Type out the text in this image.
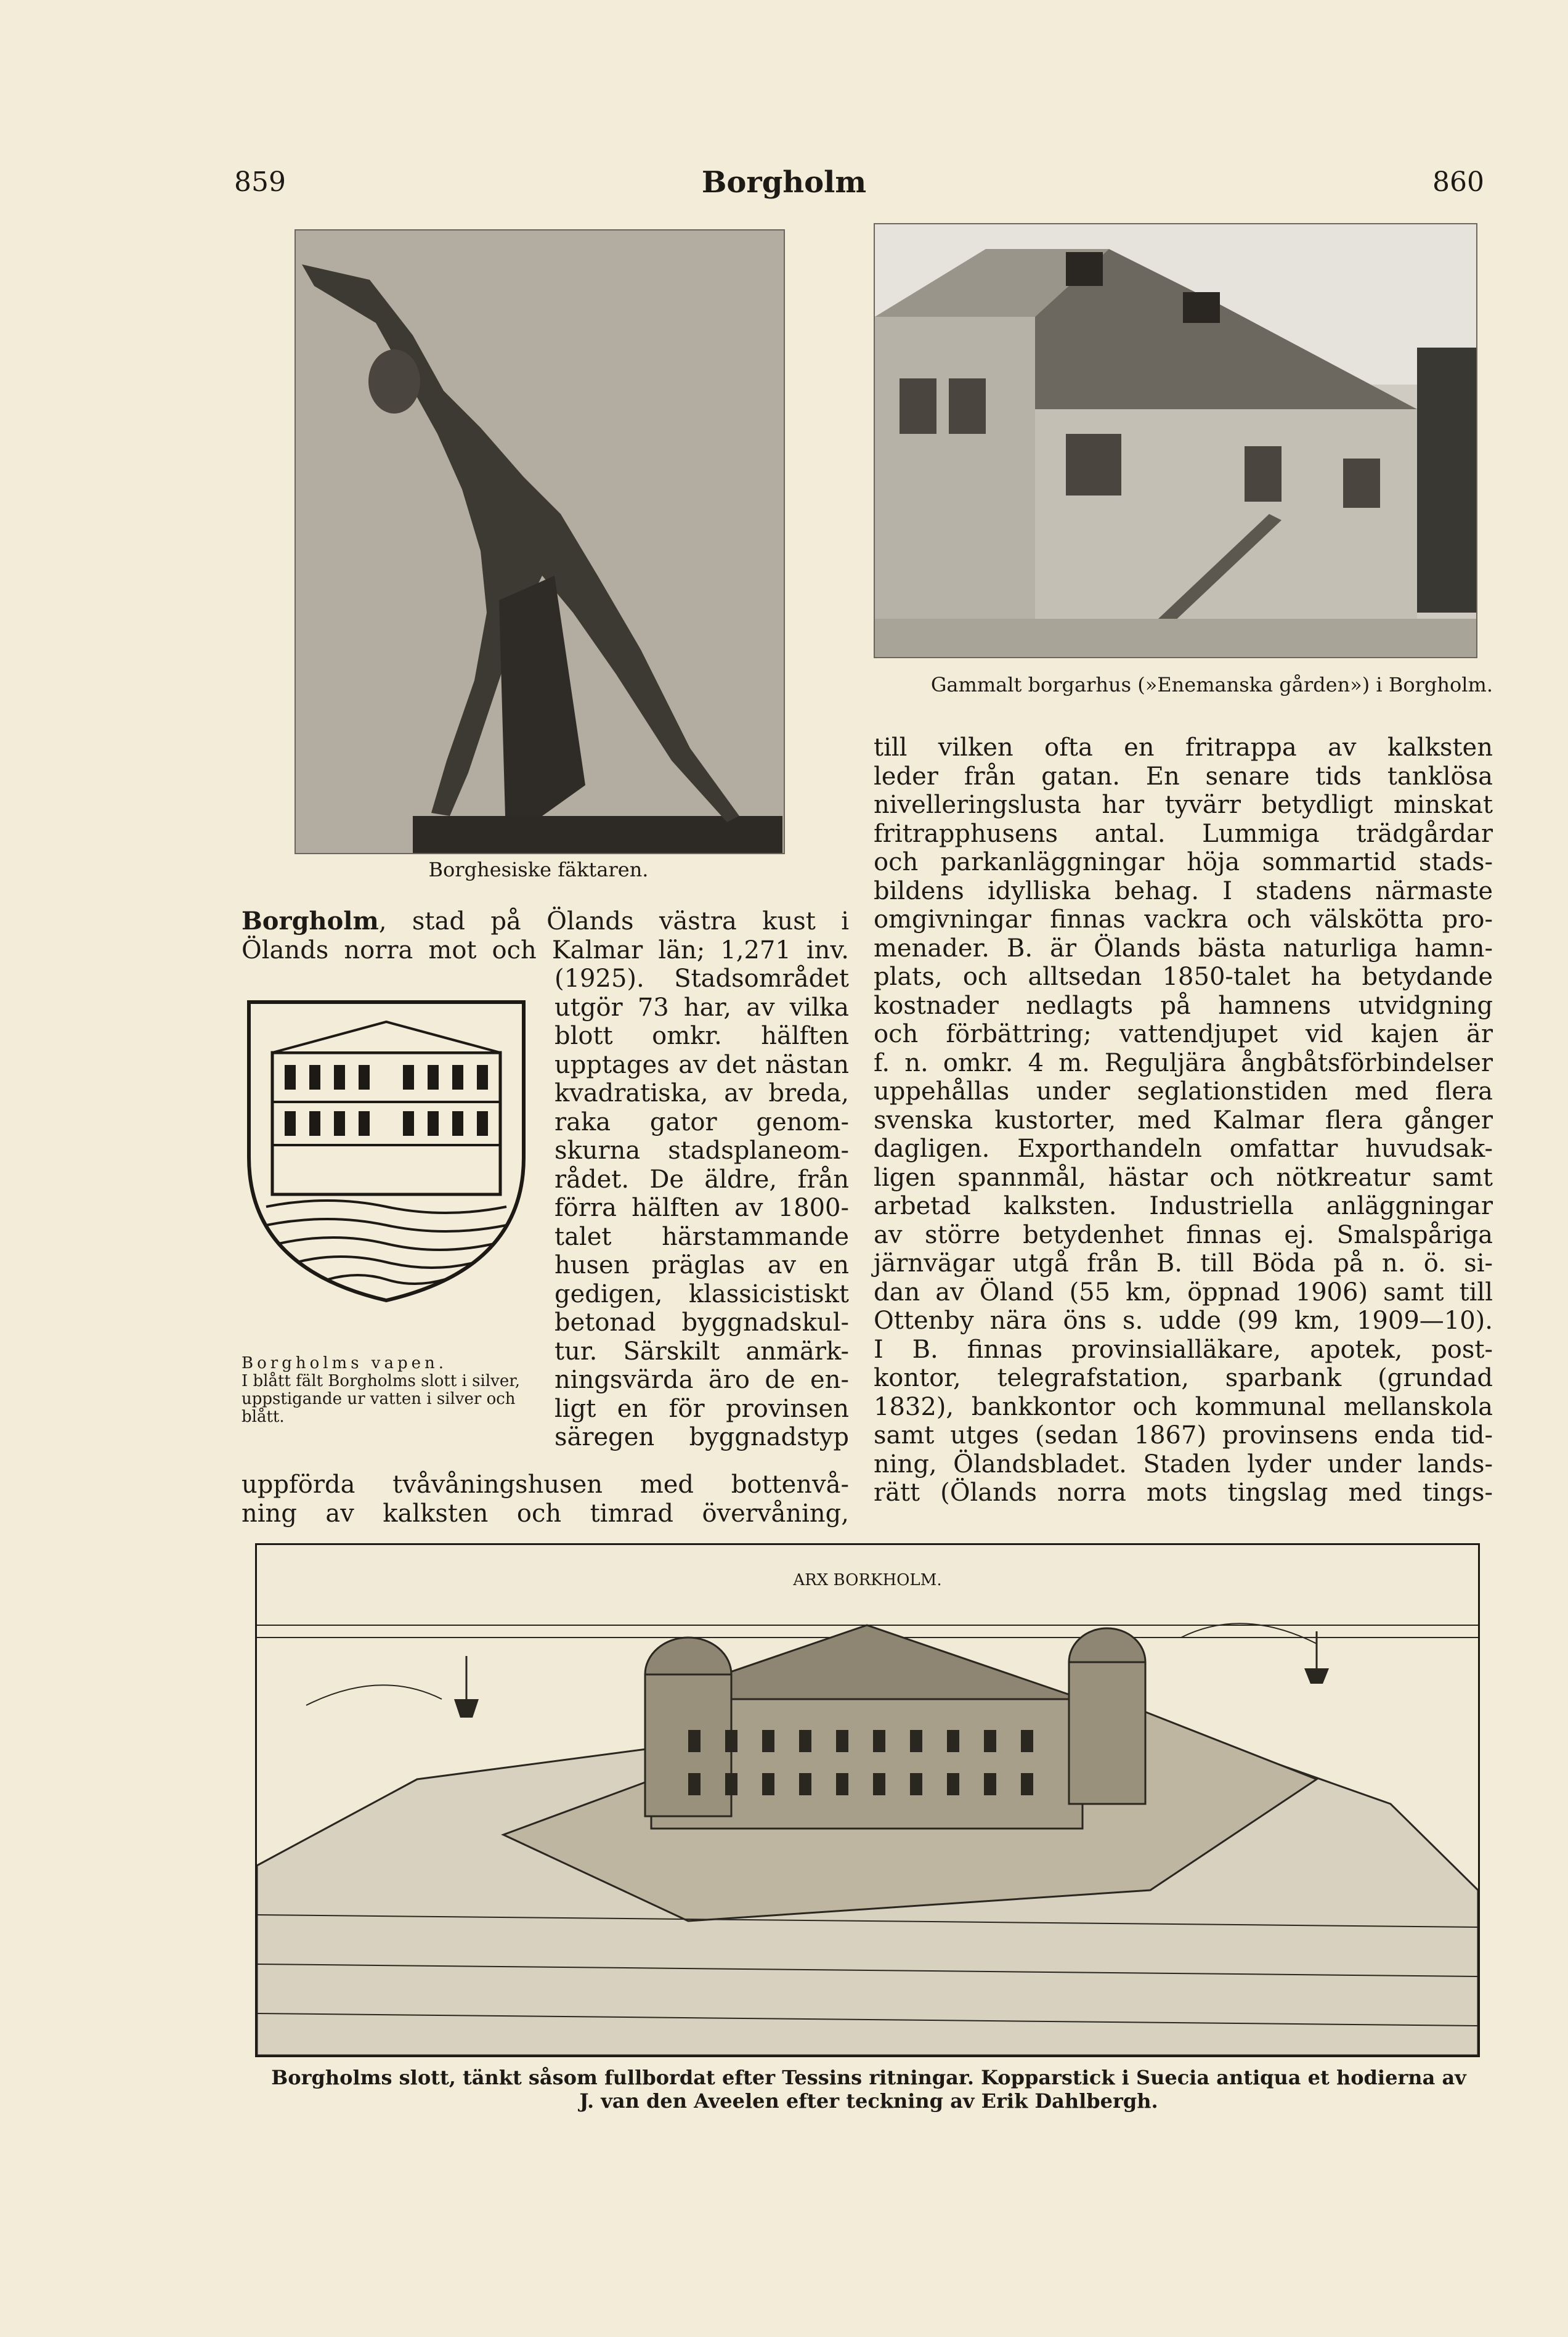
859	Borgholm	860
Borghesiske fäktaren.
Gammalt borgarhus (»Enemanska gården») i Borgholm.
Borgholms vapen.
I blått fält Borgholms slott i silver, uppstigande ur vatten i silver och blått.

Borgholm, stad på Ölands västra kust i

Ölands norra mot och Kalmar län; 1,271 inv.

(1925). Stadsområdet

utgör 73 har, av vilka

blott omkr. hälften

upptages av det nästan

kvadratiska, av breda,

raka gator genom-

skurna stadsplaneom-

rådet. De äldre, från

förra hälften av 1800-

talet härstammande

husen präglas av en

gedigen, klassicistiskt

betonad byggnadskul-

tur. Särskilt anmärk-

ningsvärda äro de en-

ligt en för provinsen

säregen byggnadstyp

uppförda tvåvåningshusen med bottenvå-

ning av kalksten och timrad övervåning,

till vilken ofta en fritrappa av kalksten

leder från gatan. En senare tids tanklösa

nivelleringslusta har tyvärr betydligt minskat

fritrapphusens antal. Lummiga trädgårdar

och parkanläggningar höja sommartid stads-

bildens idylliska behag. I stadens närmaste

omgivningar finnas vackra och välskötta pro-

menader. B. är Ölands bästa naturliga hamn-

plats, och alltsedan 1850-talet ha betydande

kostnader nedlagts på hamnens utvidgning

och förbättring; vattendjupet vid kajen är

f. n. omkr. 4 m. Reguljära ångbåtsförbindelser

uppehållas under seglationstiden med flera

svenska kustorter, med Kalmar flera gånger

dagligen. Exporthandeln omfattar huvudsak-

ligen spannmål, hästar och nötkreatur samt

arbetad kalksten. Industriella anläggningar

av större betydenhet finnas ej. Smalspåriga

järnvägar utgå från B. till Böda på n. ö. si-

dan av Öland (55 km, öppnad 1906) samt till

Ottenby nära öns s. udde (99 km, 1909—10).

I B. finnas provinsialläkare, apotek, post-

kontor, telegrafstation, sparbank (grundad

1832), bankkontor och kommunal mellanskola

samt utges (sedan 1867) provinsens enda tid-

ning, Ölandsbladet. Staden lyder under lands-

rätt (Ölands norra mots tingslag med tings-

ARX BORKHOLM.
Borgholms slott, tänkt såsom fullbordat efter Tessins ritningar. Kopparstick i Suecia antiqua et hodierna av
J. van den Aveelen efter teckning av Erik Dahlbergh.
